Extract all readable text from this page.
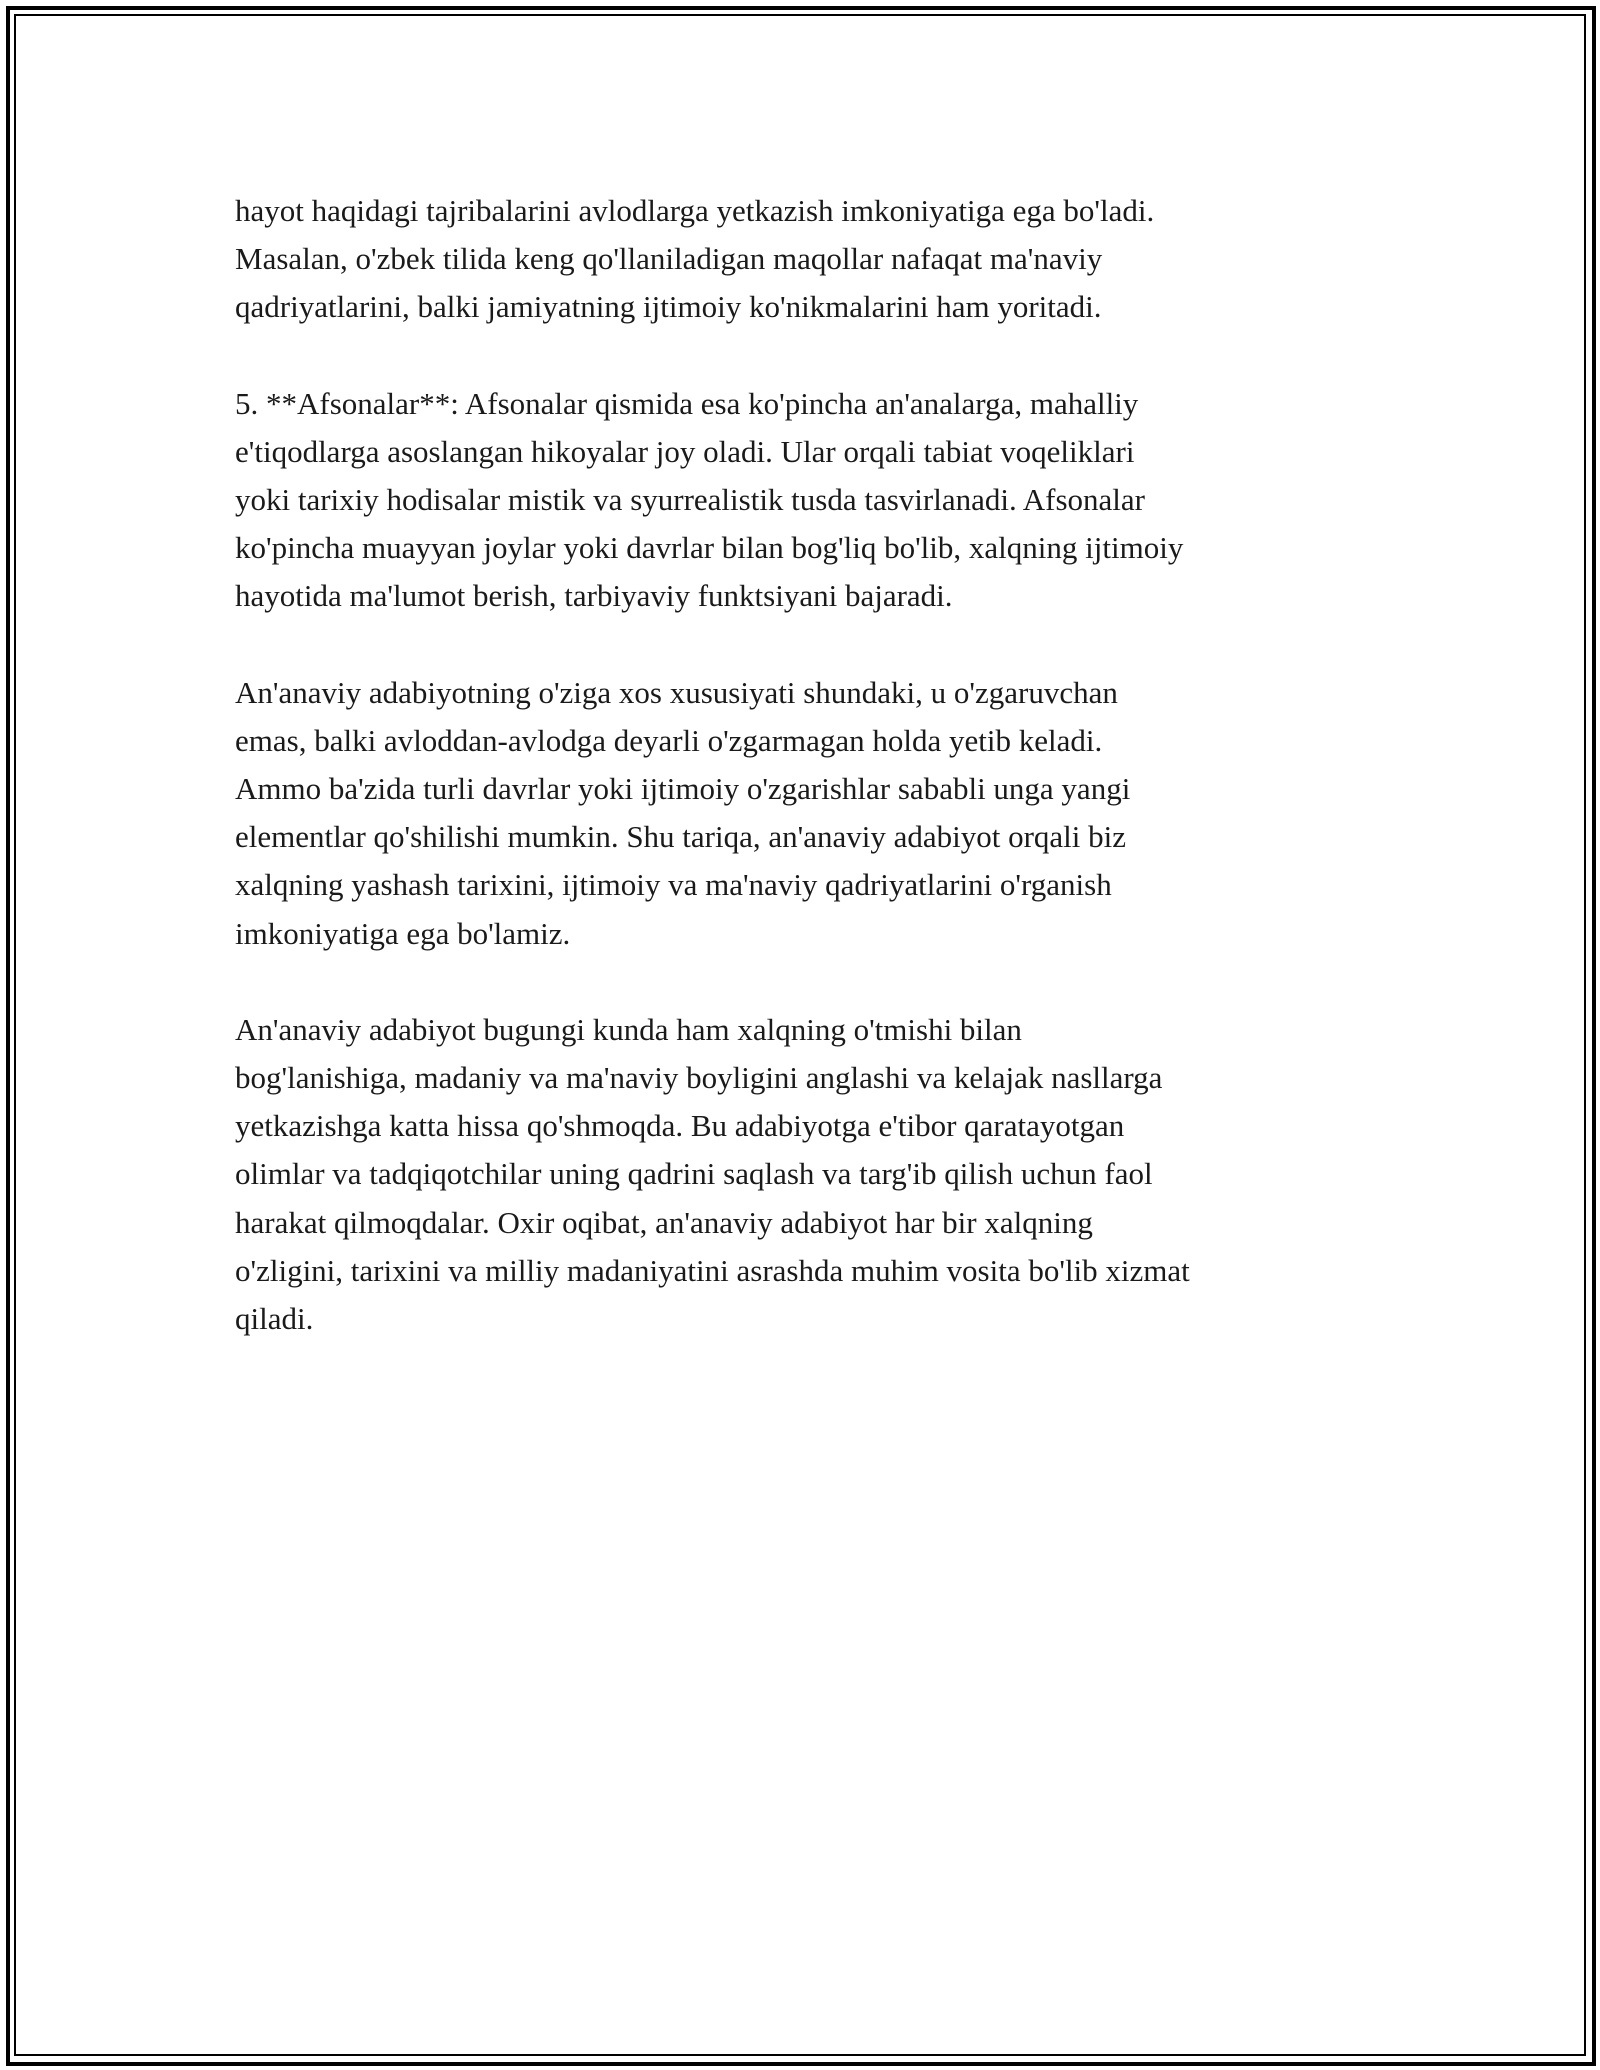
hayot haqidagi tajribalarini avlodlarga yetkazish imkoniyatiga ega bo'ladi.
Masalan, o'zbek tilida keng qo'llaniladigan maqollar nafaqat ma'naviy
qadriyatlarini, balki jamiyatning ijtimoiy ko'nikmalarini ham yoritadi.

5. **Afsonalar**: Afsonalar qismida esa ko'pincha an'analarga, mahalliy
e'tiqodlarga asoslangan hikoyalar joy oladi. Ular orqali tabiat voqeliklari
yoki tarixiy hodisalar mistik va syurrealistik tusda tasvirlanadi. Afsonalar
ko'pincha muayyan joylar yoki davrlar bilan bog'liq bo'lib, xalqning ijtimoiy
hayotida ma'lumot berish, tarbiyaviy funktsiyani bajaradi.

An'anaviy adabiyotning o'ziga xos xususiyati shundaki, u o'zgaruvchan
emas, balki avloddan-avlodga deyarli o'zgarmagan holda yetib keladi.
Ammo ba'zida turli davrlar yoki ijtimoiy o'zgarishlar sababli unga yangi
elementlar qo'shilishi mumkin. Shu tariqa, an'anaviy adabiyot orqali biz
xalqning yashash tarixini, ijtimoiy va ma'naviy qadriyatlarini o'rganish
imkoniyatiga ega bo'lamiz.

An'anaviy adabiyot bugungi kunda ham xalqning o'tmishi bilan
bog'lanishiga, madaniy va ma'naviy boyligini anglashi va kelajak nasllarga
yetkazishga katta hissa qo'shmoqda. Bu adabiyotga e'tibor qaratayotgan
olimlar va tadqiqotchilar uning qadrini saqlash va targ'ib qilish uchun faol
harakat qilmoqdalar. Oxir oqibat, an'anaviy adabiyot har bir xalqning
o'zligini, tarixini va milliy madaniyatini asrashda muhim vosita bo'lib xizmat
qiladi.
